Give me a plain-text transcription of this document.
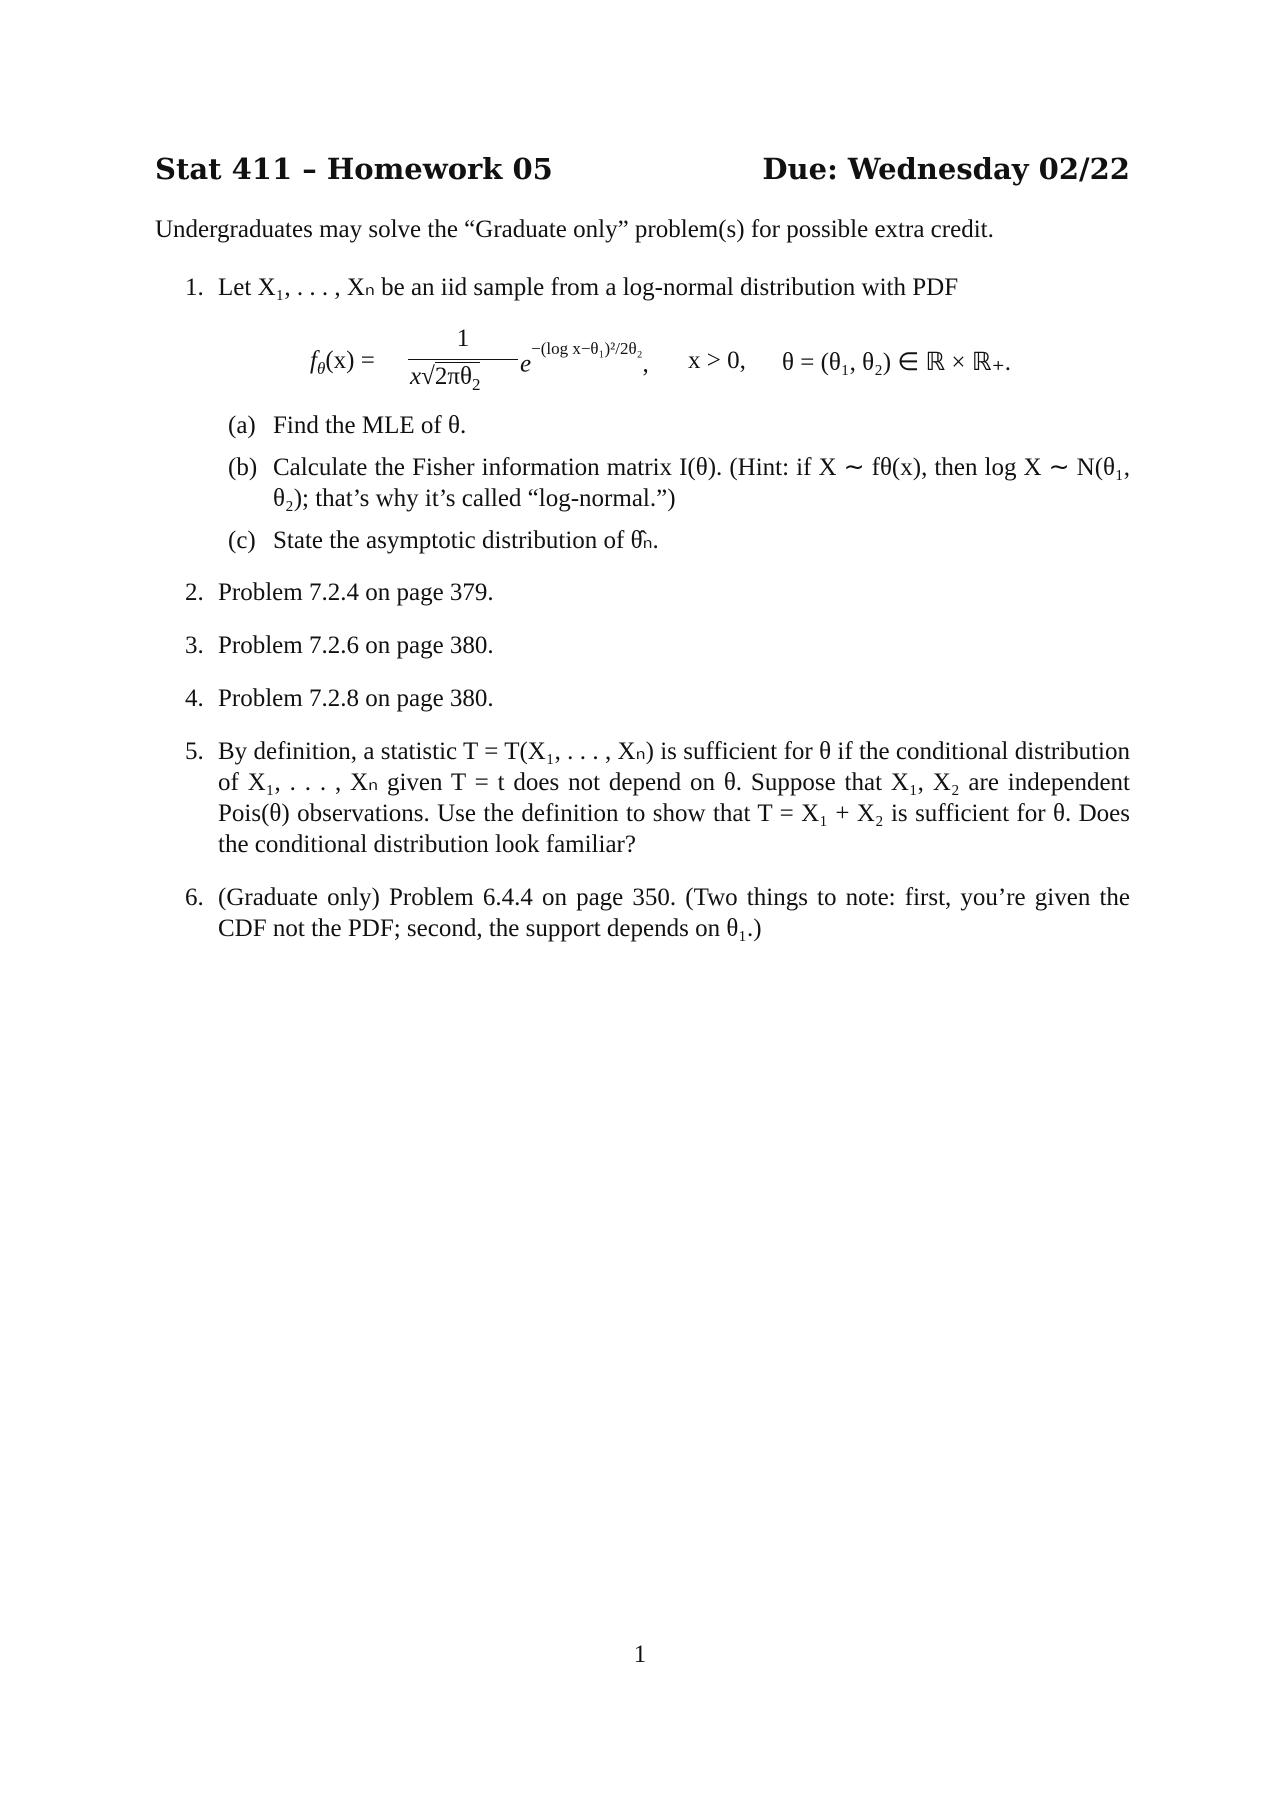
Stat 411 – Homework 05	Due: Wednesday 02/22
Undergraduates may solve the “Graduate only” problem(s) for possible extra credit.
1. Let X₁, . . . , Xₙ be an iid sample from a log-normal distribution with PDF
$f_\theta(x)$ =
1
$x√2\pi\theta_2$
$e^{-(log x-\theta_1)^2/2\theta_2}$, x > 0, θ = (θ₁, θ₂) ∈ ℝ × ℝ₊.
(a) Find the MLE of θ.
(b) Calculate the Fisher information matrix I(θ). (Hint: if X ∼ fθ(x), then log X ∼ N(θ₁, θ₂); that’s why it’s called “log-normal.”)
(c) State the asymptotic distribution of θ̂ₙ.
2. Problem 7.2.4 on page 379.
3. Problem 7.2.6 on page 380.
4. Problem 7.2.8 on page 380.
5. By definition, a statistic T = T(X₁, . . . , Xₙ) is sufficient for θ if the conditional distribution of X₁, . . . , Xₙ given T = t does not depend on θ. Suppose that X₁, X₂ are independent Pois(θ) observations. Use the definition to show that T = X₁ + X₂ is sufficient for θ. Does the conditional distribution look familiar?
6. (Graduate only) Problem 6.4.4 on page 350. (Two things to note: first, you’re given the CDF not the PDF; second, the support depends on θ₁.)
1
